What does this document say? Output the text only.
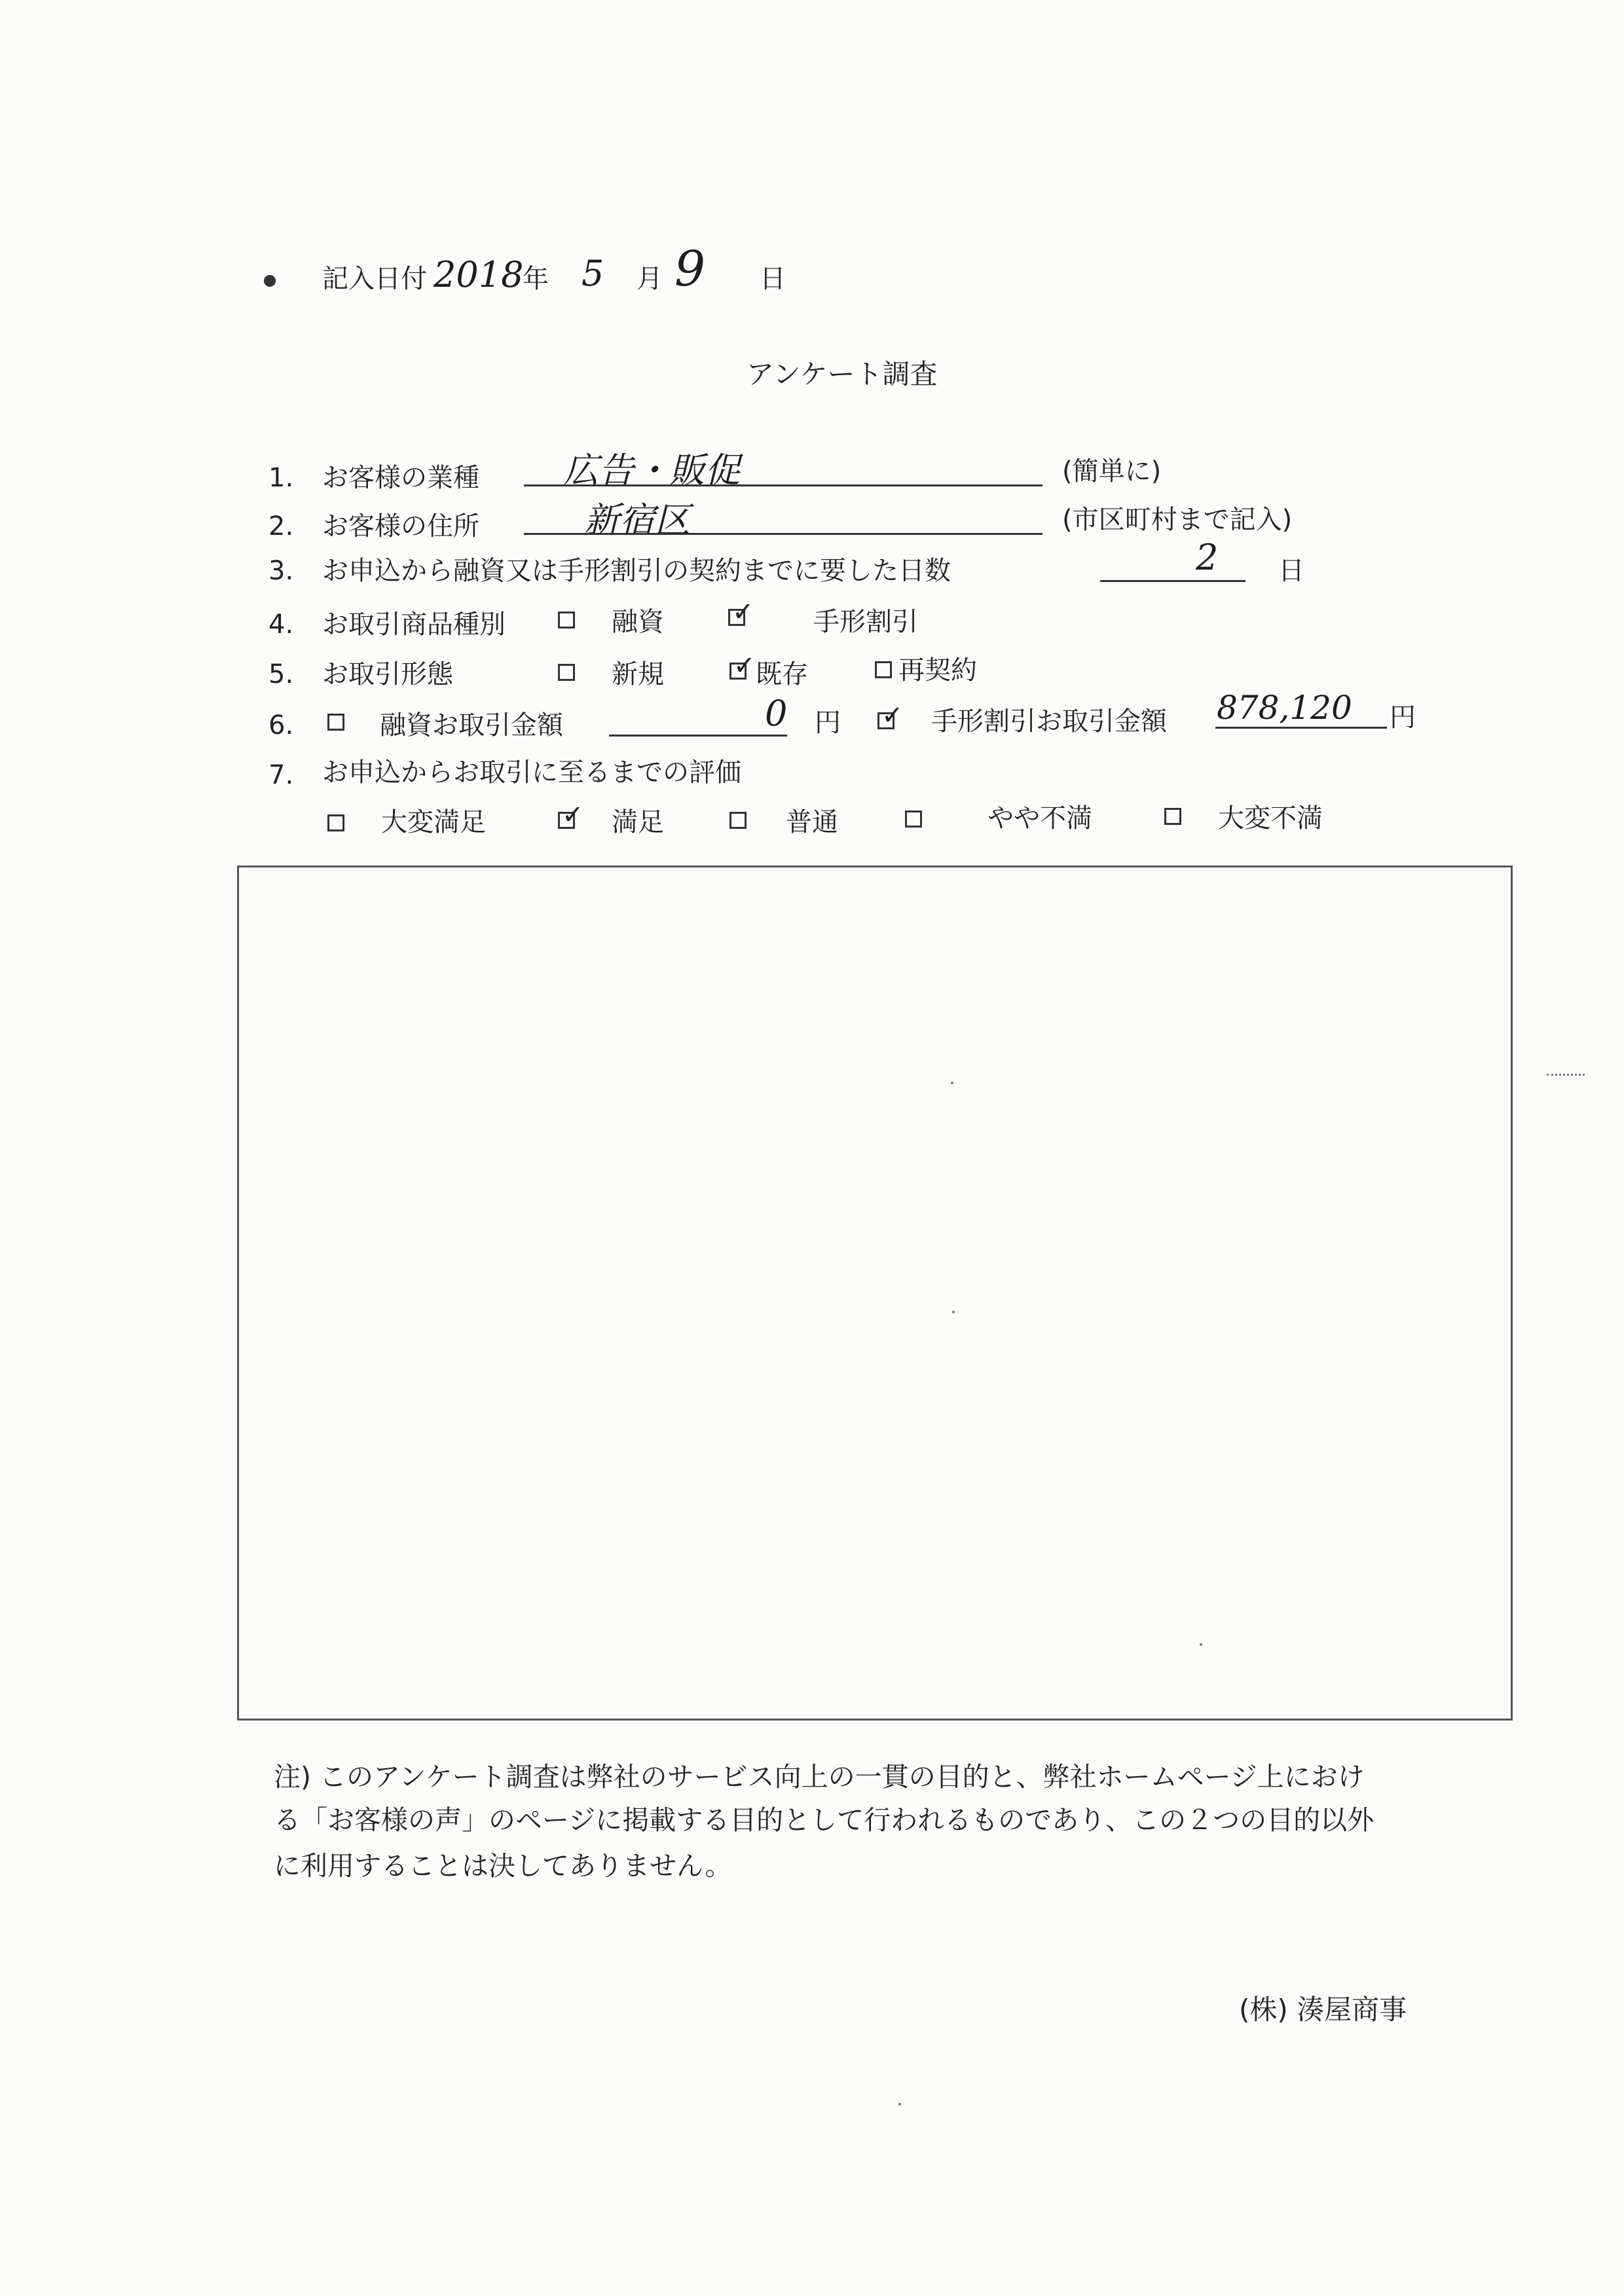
記入日付 2018
年 5 月 9 日
アンケート調査
1. お客様の業種 広告・販促	(簡単に)
2. お客様の住所	新宿区	(市区町村まで記入)
3. お申込から融資又は手形割引の契約までに要した日数	2 日
4. お取引商品種別	融資	✓ 手形割引
5. お取引形態	新規	✓ 既存	再契約
6.	融資お取引金額	0 円 ✓ 手形割引お取引金額 878,120 円
7. お申込からお取引に至るまでの評価
大変満足	✓ 満足	普通	やや不満	大変不満
注) このアンケート調査は弊社のサービス向上の一貫の目的と、弊社ホームページ上におけ
る「お客様の声」のページに掲載する目的として行われるものであり、この２つの目的以外
に利用することは決してありません。
(株) 湊屋商事
